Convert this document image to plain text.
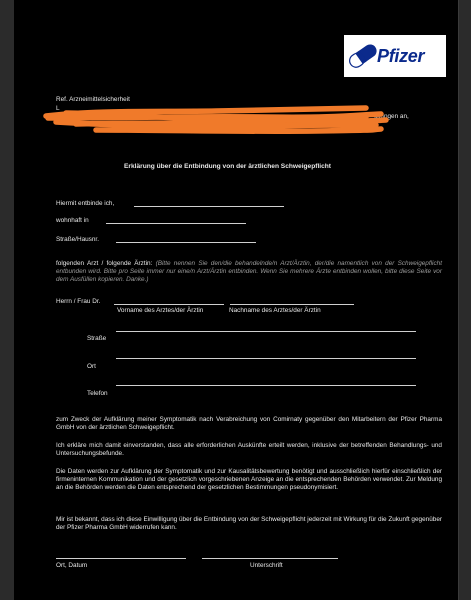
Pfizer
Ref. Arzneimittelsicherheit
L
Comm	ckungen an,
Erklärung über die Entbindung von der ärztlichen Schweigepflicht
Hiermit entbinde ich,
wohnhaft in
Straße/Hausnr.
folgenden Arzt / folgende Ärztin: (Bitte nennen Sie den/die behandelnde/n Arzt/Ärztin, der/die namentlich von der Schweigepflicht entbunden wird. Bitte pro Seite immer nur eine/n Arzt/Ärztin entbinden. Wenn Sie mehrere Ärzte entbinden wollen, bitte diese Seite vor dem Ausfüllen kopieren. Danke.)
Herrn / Frau Dr.
Vorname des Arztes/der Ärztin	Nachname des Arztes/der Ärztin
Straße
Ort
Telefon
zum Zweck der Aufklärung meiner Symptomatik nach Verabreichung von Comirnaty gegenüber den Mitarbeitern der Pfizer Pharma GmbH von der ärztlichen Schweigepflicht.
Ich erkläre mich damit einverstanden, dass alle erforderlichen Auskünfte erteilt werden, inklusive der betreffenden Behandlungs- und Untersuchungsbefunde.
Die Daten werden zur Aufklärung der Symptomatik und zur Kausalitätsbewertung benötigt und ausschließlich hierfür einschließlich der firmeninternen Kommunikation und der gesetzlich vorgeschriebenen Anzeige an die entsprechenden Behörden verwendet. Zur Meldung an die Behörden werden die Daten entsprechend der gesetzlichen Bestimmungen pseudonymisiert.
Mir ist bekannt, dass ich diese Einwilligung über die Entbindung von der Schweigepflicht jederzeit mit Wirkung für die Zukunft gegenüber der Pfizer Pharma GmbH widerrufen kann.
Ort, Datum	Unterschrift
